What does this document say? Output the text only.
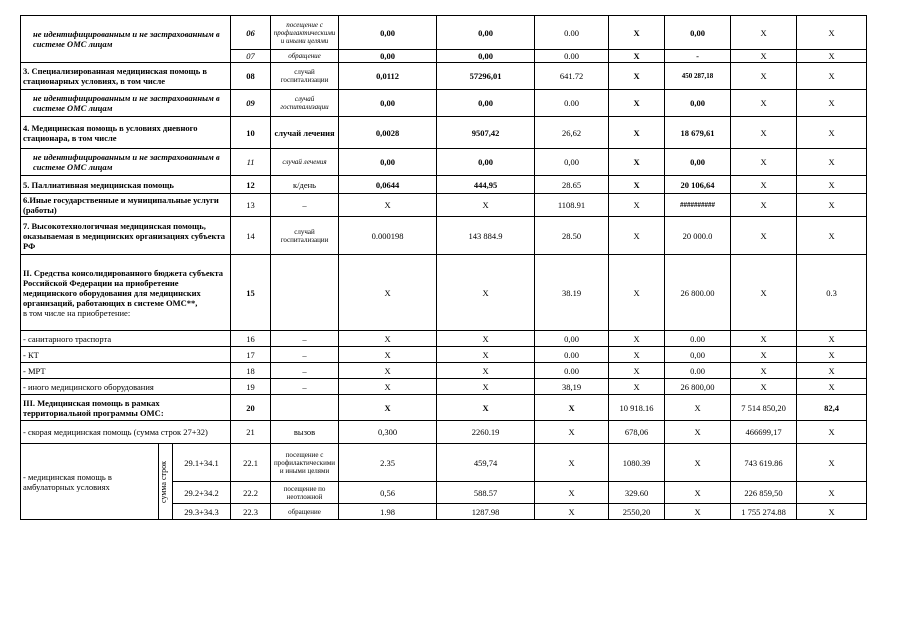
не идентифицированным и не застрахованным в системе ОМС лицам			06	посещение с профилактическими и иными целями	0,00	0,00	0.00	X	0,00	X	X
			07	обращение	0,00	0,00	0.00	X	-	X	X
3. Специализированная медицинская помощь в стационарных условиях, в том числе			08	случай госпитализации	0,0112	57296,01	641.72	X	450 287,18	X	X
не идентифицированным и не застрахованным в системе ОМС лицам			09	случай госпитализации	0,00	0,00	0.00	X	0,00	X	X
4. Медицинская помощь в условиях дневного стационара, в том числе			10	случай лечения	0,0028	9507,42	26,62	X	18 679,61	X	X
не идентифицированным и не застрахованным в системе ОМС лицам			11	случай лечения	0,00	0,00	0,00	X	0,00	X	X
5. Паллиативная медицинская помощь			12	к/день	0,0644	444,95	28.65	X	20 106,64	X	X
6.Иные государственные и муниципальные услуги (работы)			13	–	X	X	1108.91	X	##########	X	X
7. Высокотехнологичная медицинская помощь, оказываемая в медицинских организациях субъекта РФ			14	случай госпитализации	0.000198	143 884.9	28.50	X	20 000.0	X	X

II. Средства консолидированного бюджета субъекта Российской Федерации на приобретение медицинского оборудования для медицинских организаций, работающих в системе ОМС**,
в том числе на приобретение:			15		X	X	38.19	X	26 800.00	X	0.3
- санитарного траспорта			16	–	X	X	0,00	X	0.00	X	X
- КТ			17	–	X	X	0.00	X	0,00	X	X
- МРТ			18	–	X	X	0.00	X	0.00	X	X
- иного медицинского оборудования			19	–	X	X	38,19	X	26 800,00	X	X
III. Медицинская помощь в рамках территориальной программы ОМС:			20		X	X	X	10 918.16	X	7 514 850,20	82,4
- скорая медицинская помощь (сумма строк 27+32)			21	вызов	0,300	2260.19	X	678,06	X	466699,17	X
- медицинская помощь в амбулаторных условиях	сумма строк	29.1+34.1	22.1	посещение с профилактическими и иными целями	2.35	459,74	X	1080.39	X	743 619.86	X
		29.2+34.2	22.2	посещение по неотложной	0,56	588.57	X	329.60	X	226 859,50	X
		29.3+34.3	22.3	обращение	1.98	1287.98	X	2550,20	X	1 755 274.88	X
